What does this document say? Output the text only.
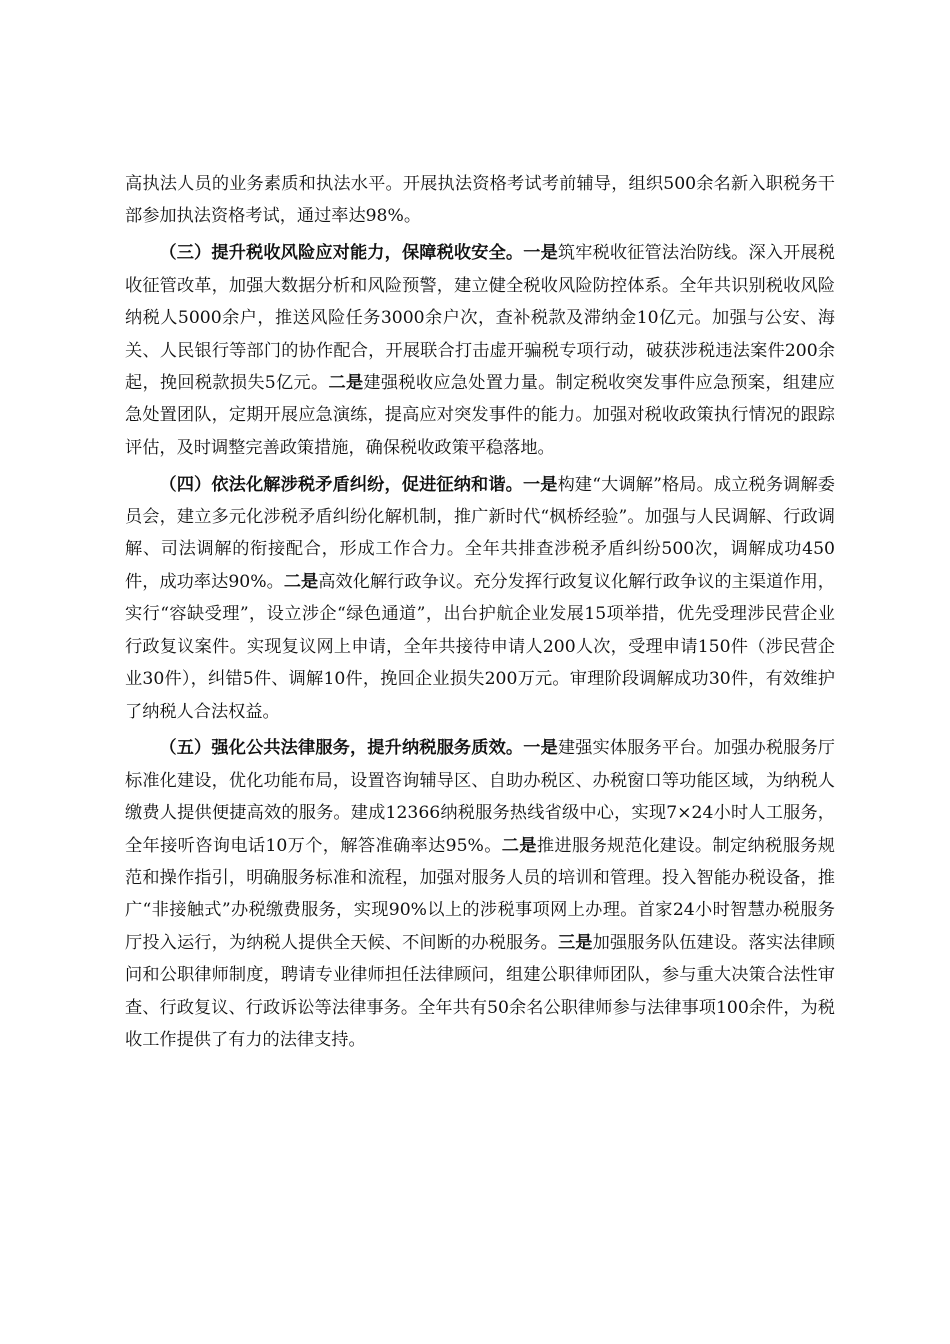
高执法人员的业务素质和执法水平。开展执法资格考试考前辅导，组织500余名新入职税务干部参加执法资格考试，通过率达98%。

（三）提升税收风险应对能力，保障税收安全。一是筑牢税收征管法治防线。深入开展税收征管改革，加强大数据分析和风险预警，建立健全税收风险防控体系。全年共识别税收风险纳税人5000余户，推送风险任务3000余户次，查补税款及滞纳金10亿元。加强与公安、海关、人民银行等部门的协作配合，开展联合打击虚开骗税专项行动，破获涉税违法案件200余起，挽回税款损失5亿元。二是建强税收应急处置力量。制定税收突发事件应急预案，组建应急处置团队，定期开展应急演练，提高应对突发事件的能力。加强对税收政策执行情况的跟踪评估，及时调整完善政策措施，确保税收政策平稳落地。

（四）依法化解涉税矛盾纠纷，促进征纳和谐。一是构建“大调解”格局。成立税务调解委员会，建立多元化涉税矛盾纠纷化解机制，推广新时代“枫桥经验”。加强与人民调解、行政调解、司法调解的衔接配合，形成工作合力。全年共排查涉税矛盾纠纷500次，调解成功450件，成功率达90%。二是高效化解行政争议。充分发挥行政复议化解行政争议的主渠道作用，实行“容缺受理”，设立涉企“绿色通道”，出台护航企业发展15项举措，优先受理涉民营企业行政复议案件。实现复议网上申请，全年共接待申请人200人次，受理申请150件（涉民营企业30件），纠错5件、调解10件，挽回企业损失200万元。审理阶段调解成功30件，有效维护了纳税人合法权益。

（五）强化公共法律服务，提升纳税服务质效。一是建强实体服务平台。加强办税服务厅标准化建设，优化功能布局，设置咨询辅导区、自助办税区、办税窗口等功能区域，为纳税人缴费人提供便捷高效的服务。建成12366纳税服务热线省级中心，实现7×24小时人工服务，全年接听咨询电话10万个，解答准确率达95%。二是推进服务规范化建设。制定纳税服务规范和操作指引，明确服务标准和流程，加强对服务人员的培训和管理。投入智能办税设备，推广“非接触式”办税缴费服务，实现90%以上的涉税事项网上办理。首家24小时智慧办税服务厅投入运行，为纳税人提供全天候、不间断的办税服务。三是加强服务队伍建设。落实法律顾问和公职律师制度，聘请专业律师担任法律顾问，组建公职律师团队，参与重大决策合法性审查、行政复议、行政诉讼等法律事务。全年共有50余名公职律师参与法律事项100余件，为税收工作提供了有力的法律支持。
